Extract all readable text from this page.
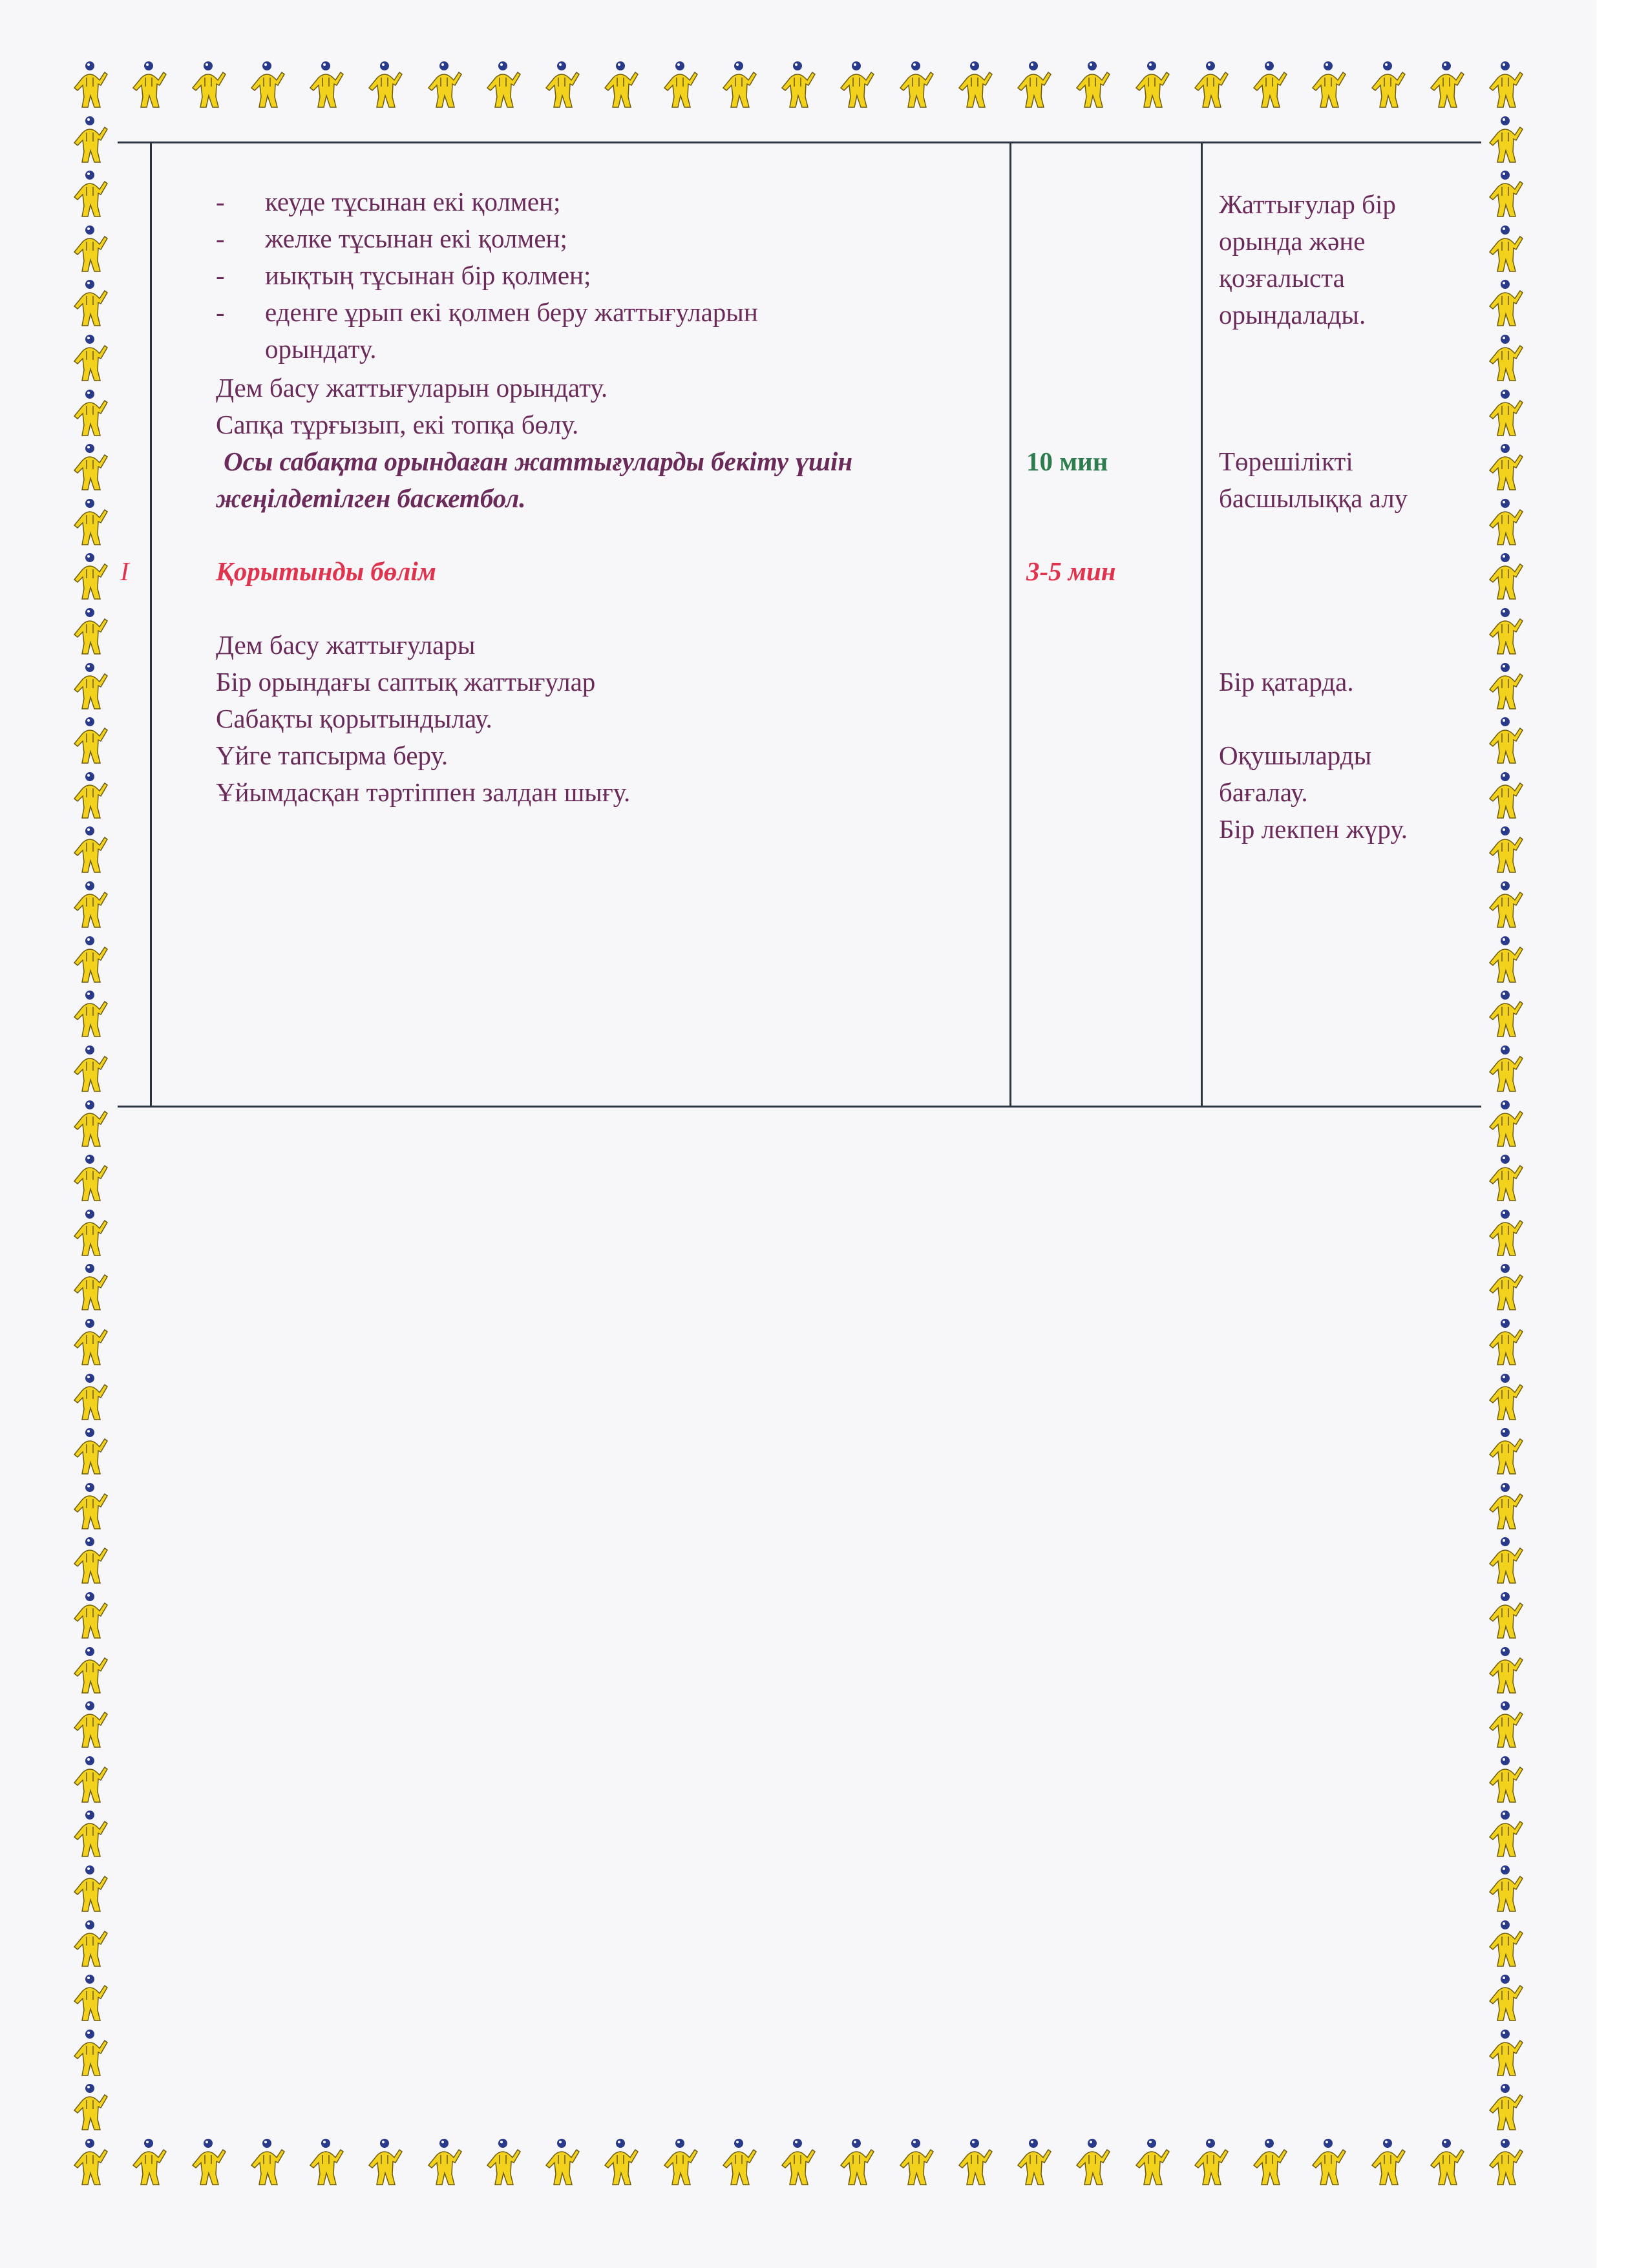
- кеуде тұсынан екі қолмен;
- желке тұсынан екі қолмен;
- иықтың тұсынан бір қолмен;
- еденге ұрып екі қолмен беру жаттығуларын
орындату.
Дем басу жаттығуларын орындату.
Сапқа тұрғызып, екі топқа бөлу.
Осы сабақта орындаған жаттығуларды бекіту үшін
жеңілдетілген баскетбол.
I	Қорытынды бөлім
Дем басу жаттығулары
Бір орындағы саптық жаттығулар
Сабақты қорытындылау.
Үйге тапсырма беру.
Ұйымдасқан тәртіппен залдан шығу.
10 мин
3-5 мин
Жаттығулар бір
орында және
қозғалыста
орындалады.
Төрешілікті
басшылыққа алу
Бір қатарда.
Оқушыларды
бағалау.
Бір лекпен жүру.
